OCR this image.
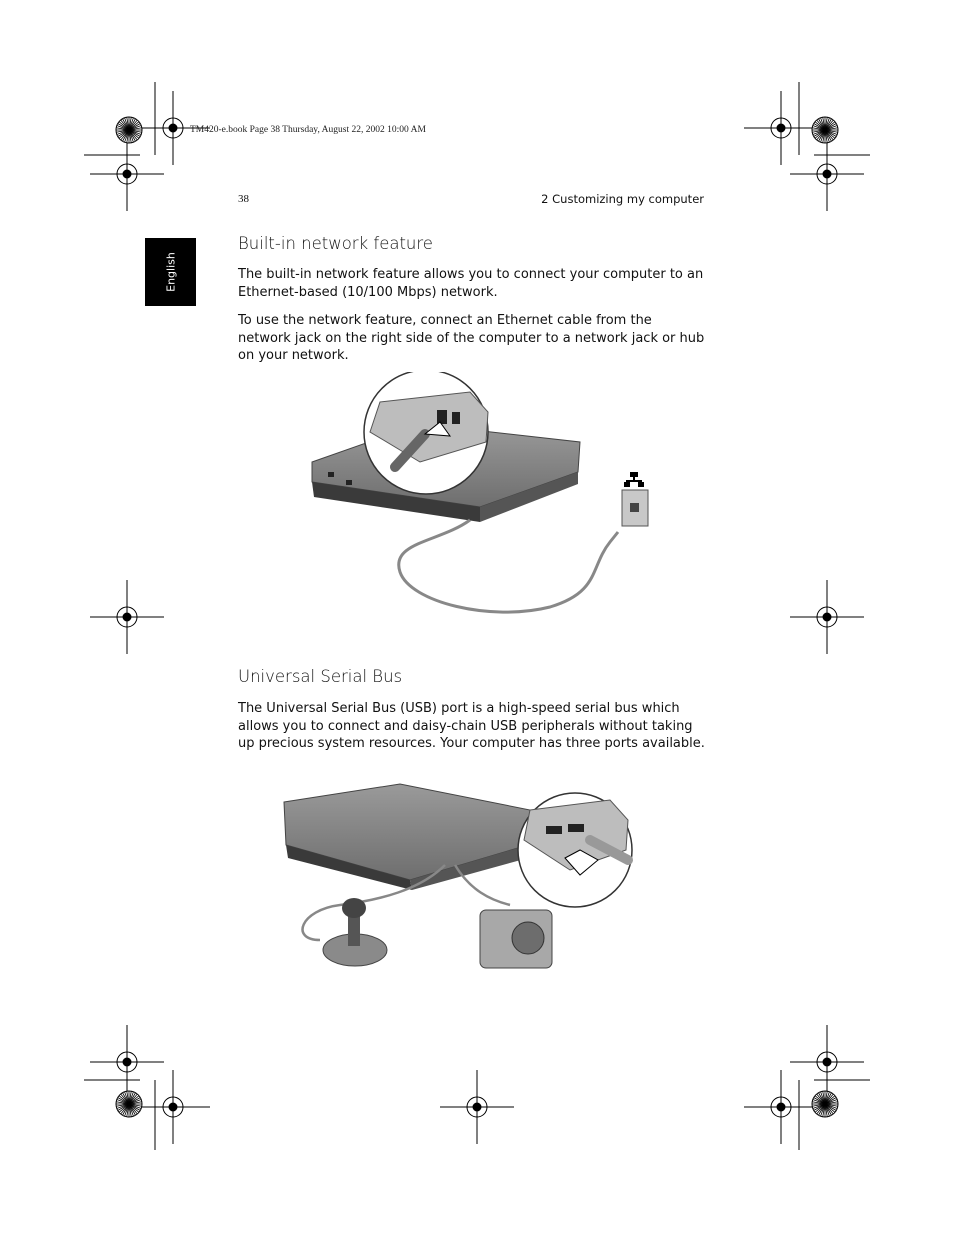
TM420-e.book Page 38 Thursday, August 22, 2002 10:00 AM
38	2 Customizing my computer
English
Built-in network feature
The built-in network feature allows you to connect your computer to an Ethernet-based (10/100 Mbps) network.
To use the network feature, connect an Ethernet cable from the network jack on the right side of the computer to a network jack or hub on your network.
Universal Serial Bus
The Universal Serial Bus (USB) port is a high-speed serial bus which allows you to connect and daisy-chain USB peripherals without taking up precious system resources. Your computer has three ports available.
